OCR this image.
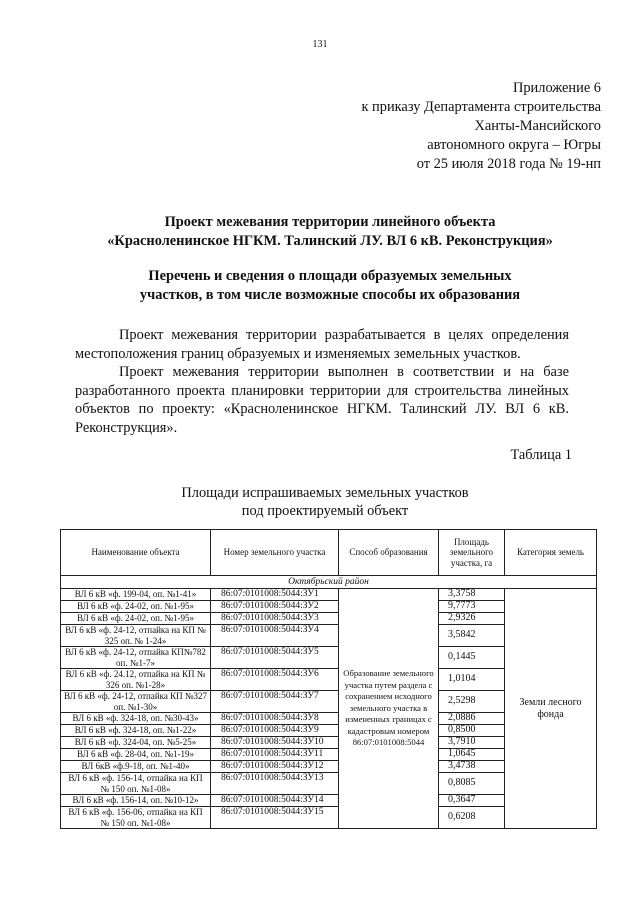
131
Приложение 6
к приказу Департамента строительства
Ханты-Мансийского
автономного округа – Югры
от 25 июля 2018 года № 19-нп
Проект межевания территории линейного объекта
«Красноленинское НГКМ. Талинский ЛУ. ВЛ 6 кВ. Реконструкция»
Перечень и сведения о площади образуемых земельных
участков, в том числе возможные способы их образования

Проект межевания территории разрабатывается в целях определения местоположения границ образуемых и изменяемых земельных участков.

Проект межевания территории выполнен в соответствии и на базе разработанного проекта планировки территории для строительства линейных объектов по проекту: «Красноленинское НГКМ. Талинский ЛУ. ВЛ 6 кВ. Реконструкция».

Таблица 1
Площади испрашиваемых земельных участков
под проектируемый объект
Наименование объекта	Номер земельного участка	Способ образования	Площадь земельного участка, га	Категория земель
Октябрьский район				
ВЛ 6 кВ «ф. 199-04, оп. №1-41»	86:07:0101008:5044:ЗУ1	Образование земельного участка путем раздела с сохранением исходного земельного участка в измененных границах с кадастровым номером 86:07:0101008:5044	3,3758	Земли лесного фонда
ВЛ 6 кВ «ф. 24-02, оп. №1-95»	86:07:0101008:5044:ЗУ2		9,7773	
ВЛ 6 кВ «ф. 24-02, оп. №1-95»	86:07:0101008:5044:ЗУ3		2,9326	
ВЛ 6 кВ «ф. 24-12, отпайка на КП № 325 оп. № 1-24»	86:07:0101008:5044:ЗУ4		3,5842	
ВЛ 6 кВ «ф. 24-12, отпайка КП№782 оп. №1-7»	86:07:0101008:5044:ЗУ5		0,1445	
ВЛ 6 кВ «ф. 24.12, отпайка на КП № 326 оп. №1-28»	86:07:0101008:5044:ЗУ6		1,0104	
ВЛ 6 кВ «ф. 24-12, отпайка КП №327 оп. №1-30»	86:07:0101008:5044:ЗУ7		2,5298	
ВЛ 6 кВ «ф. 324-18, оп. №30-43»	86:07:0101008:5044:ЗУ8		2,0886	
ВЛ 6 кВ «ф. 324-18, оп. №1-22»	86:07:0101008:5044:ЗУ9		0,8500	
ВЛ 6 кВ «ф. 324-04, оп. №5-25»	86:07:0101008:5044:ЗУ10		3,7910	
ВЛ 6 кВ «ф. 28-04, оп. №1-19»	86:07:0101008:5044:ЗУ11		1,0645	
ВЛ 6кВ «ф.9-18, оп. №1-40»	86:07:0101008:5044:ЗУ12		3,4738	
ВЛ 6 кВ «ф. 156-14, отпайка на КП № 150 оп. №1-08»	86:07:0101008:5044:ЗУ13		0,8085	
ВЛ 6 кВ «ф. 156-14, оп. №10-12»	86:07:0101008:5044:ЗУ14		0,3647	
ВЛ 6 кВ «ф. 156-06, отпайка на КП № 150 оп. №1-08»	86:07:0101008:5044:ЗУ15		0,6208	
